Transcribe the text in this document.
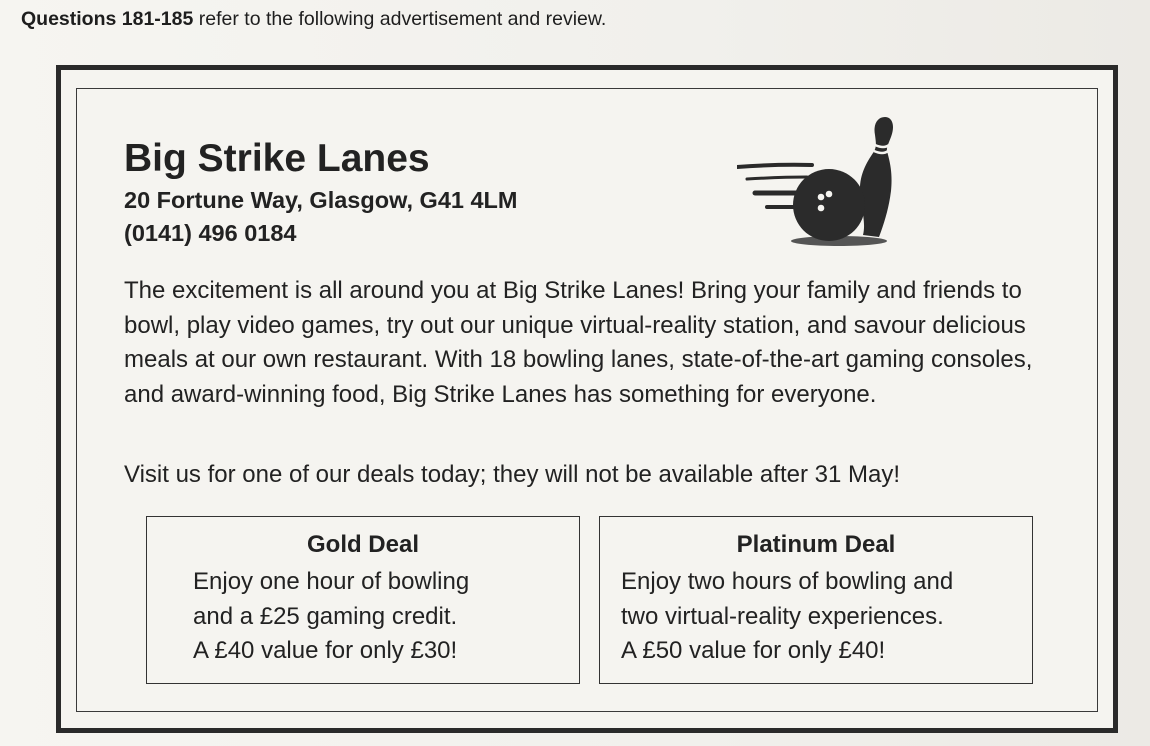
Questions 181-185 refer to the following advertisement and review.
Big Strike Lanes
20 Fortune Way, Glasgow, G41 4LM
(0141) 496 0184
The excitement is all around you at Big Strike Lanes! Bring your family and friends to bowl, play video games, try out our unique virtual-reality station, and savour delicious meals at our own restaurant. With 18 bowling lanes, state-of-the-art gaming consoles, and award-winning food, Big Strike Lanes has something for everyone.
Visit us for one of our deals today; they will not be available after 31 May!
Gold Deal
Enjoy one hour of bowling
and a £25 gaming credit.
A £40 value for only £30!
Platinum Deal
Enjoy two hours of bowling and
two virtual-reality experiences.
A £50 value for only £40!
